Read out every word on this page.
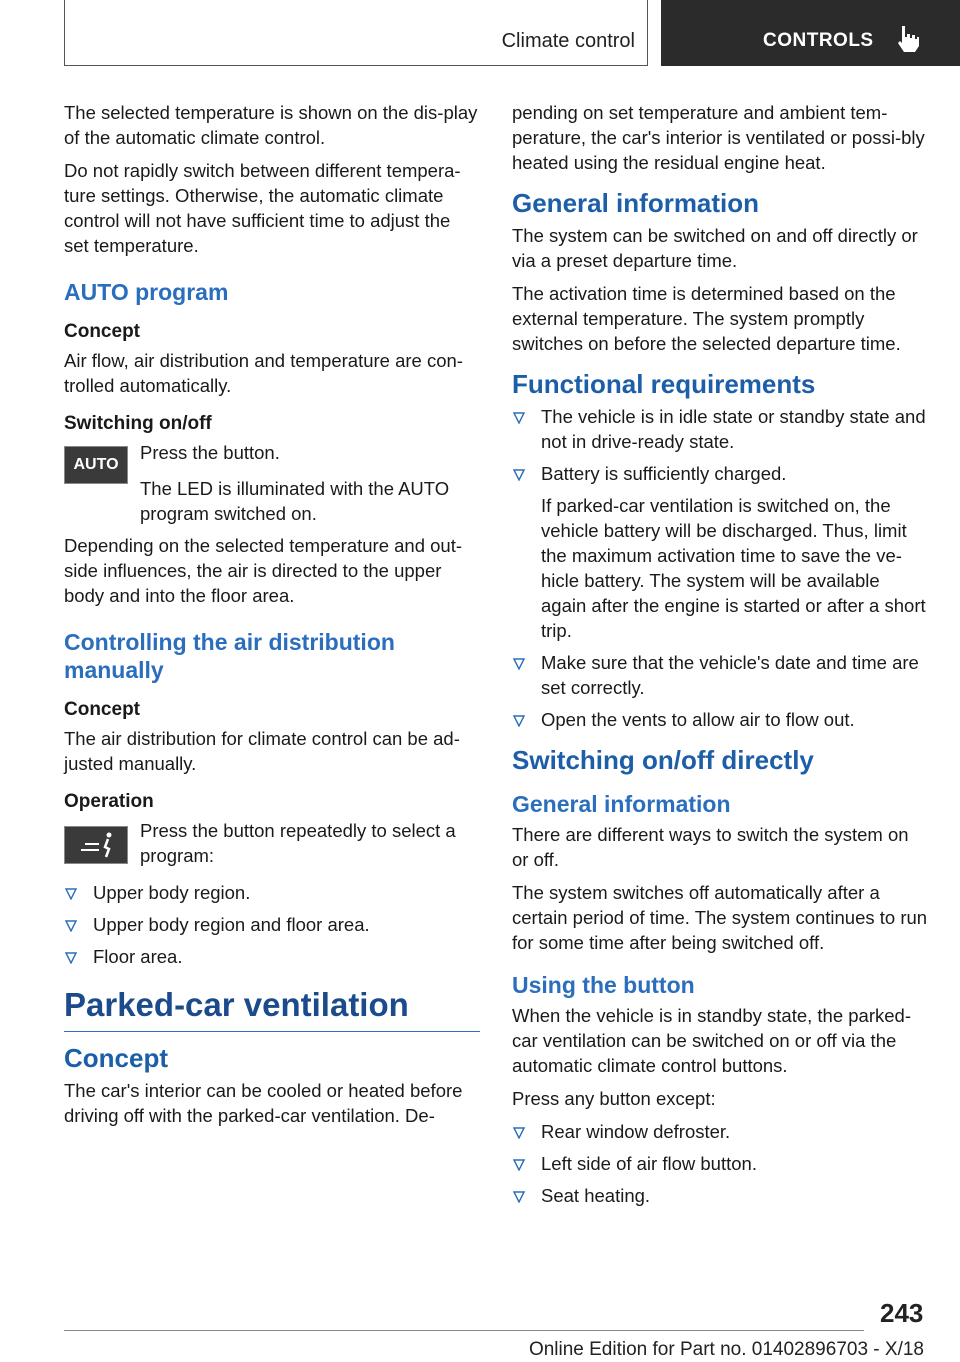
Climate control	CONTROLS

The selected temperature is shown on the dis-play of the automatic climate control.

Do not rapidly switch between different tempera-ture settings. Otherwise, the automatic climate control will not have sufficient time to adjust the set temperature.

AUTO program
Concept

Air flow, air distribution and temperature are con-trolled automatically.

Switching on/off
AUTO

Press the button.

The LED is illuminated with the AUTO program switched on.

Depending on the selected temperature and out-side influences, the air is directed to the upper body and into the floor area.

Controlling the air distribution manually
Concept

The air distribution for climate control can be ad-justed manually.

Operation

Press the button repeatedly to select a program:

Upper body region.
Upper body region and floor area.
Floor area.
Parked-car ventilation
Concept

The car's interior can be cooled or heated before driving off with the parked-car ventilation. De-

pending on set temperature and ambient tem-perature, the car's interior is ventilated or possi-bly heated using the residual engine heat.

General information

The system can be switched on and off directly or via a preset departure time.

The activation time is determined based on the external temperature. The system promptly switches on before the selected departure time.

Functional requirements
The vehicle is in idle state or standby state and not in drive-ready state.
Battery is sufficiently charged.

If parked-car ventilation is switched on, the vehicle battery will be discharged. Thus, limit the maximum activation time to save the ve-hicle battery. The system will be available again after the engine is started or after a short trip.

Make sure that the vehicle's date and time are set correctly.
Open the vents to allow air to flow out.
Switching on/off directly
General information

There are different ways to switch the system on or off.

The system switches off automatically after a certain period of time. The system continues to run for some time after being switched off.

Using the button

When the vehicle is in standby state, the parked-car ventilation can be switched on or off via the automatic climate control buttons.

Press any button except:

Rear window defroster.
Left side of air flow button.
Seat heating.
243
Online Edition for Part no. 01402896703 - X/18
